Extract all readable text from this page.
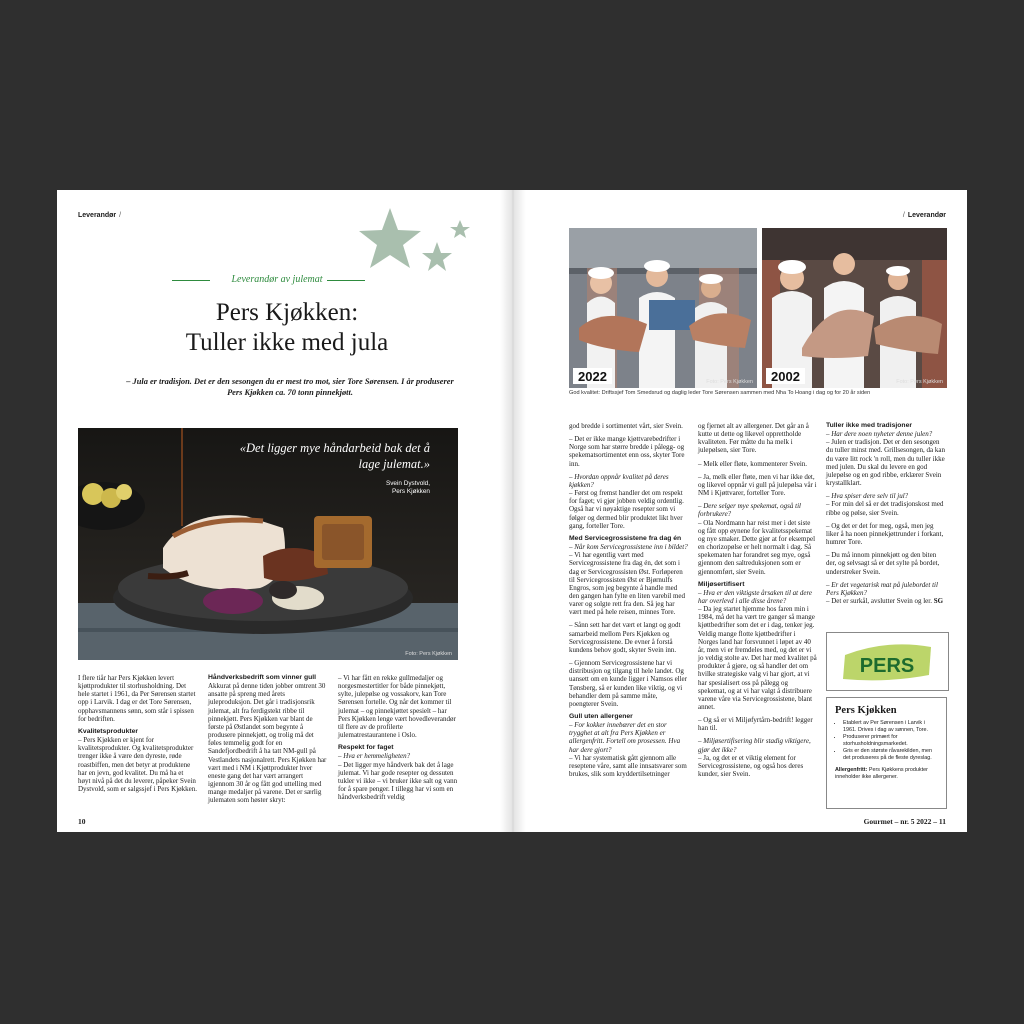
Leverandør /
Leverandør av julemat
Pers Kjøkken:
Tuller ikke med jula
– Jula er tradisjon. Det er den sesongen du er mest tro mot, sier Tore Sørensen. I år produserer Pers Kjøkken ca. 70 tonn pinnekjøtt.
«Det ligger mye håndarbeid bak det å lage julemat.»
Svein Dystvold,
Pers Kjøkken
Foto: Pers Kjøkken

I flere tiår har Pers Kjøkken levert kjøttprodukter til storhusholdning. Det hele startet i 1961, da Per Sørensen startet opp i Larvik. I dag er det Tore Sørensen, opphavsmannens sønn, som står i spissen for bedriften.

Kvalitetsprodukter

– Pers Kjøkken er kjent for kvalitetsprodukter. Og kvalitetsprodukter trenger ikke å være den dyreste, røde roastbiffen, men det betyr at produktene har en jevn, god kvalitet. Du må ha et høyt nivå på det du leverer, påpeker Svein Dystvold, som er salgssjef i Pers Kjøkken.

Håndverksbedrift som vinner gull

Akkurat på denne tiden jobber omtrent 30 ansatte på spreng med årets juleproduksjon. Det går i tradisjonsrik julemat, alt fra ferdigstekt ribbe til pinnekjøtt. Pers Kjøkken var blant de første på Østlandet som begynte å produsere pinnekjøtt, og trolig må det føles temmelig godt for en Sandefjordbedrift å ha tatt NM-gull på Vestlandets nasjonalrett. Pers Kjøkken har vært med i NM i Kjøttprodukter hver eneste gang det har vært arrangert igjennom 30 år og fått god uttelling med mange medaljer på varene. Det er særlig julematen som høster skryt:

– Vi har fått en rekke gullmedaljer og norgesmestertitler for både pinnekjøtt, sylte, julepølse og vossakorv, kan Tore Sørensen fortelle. Og når det kommer til julemat – og pinnekjøttet spesielt – har Pers Kjøkken lenge vært hovedleverandør til flere av de profilerte julematrestaurantene i Oslo.

Respekt for faget
– Hva er hemmeligheten?

– Det ligger mye håndverk bak det å lage julemat. Vi har gode resepter og dessuten tukler vi ikke – vi bruker ikke salt og vann for å spare penger. I tillegg har vi som en håndverksbedrift veldig

10
/ Leverandør
2022	Foto: Pers Kjøkken	2002	Foto: Pers Kjøkken
God kvalitet: Driftssjef Tom Smedsrud og daglig leder Tore Sørensen sammen med Nha To Hoang i dag og for 20 år siden

god bredde i sortimentet vårt, sier Svein.

– Det er ikke mange kjøttvarebedrifter i Norge som har større bredde i pålegg- og spekematsortimentet enn oss, skyter Tore inn.

– Hvordan oppnår kvalitet på deres kjøkken?

– Først og fremst handler det om respekt for faget; vi gjør jobben veldig ordentlig. Også har vi nøyaktige resepter som vi følger og dermed blir produktet likt hver gang, forteller Tore.

Med Servicegrossistene fra dag én
– Når kom Servicegrossistene inn i bildet?

– Vi har egentlig vært med Servicegrossistene fra dag én, det som i dag er Servicegrossisten Øst. Forløperen til Servicegrossisten Øst er Bjørnulfs Engros, som jeg begynte å handle med den gangen han fylte en liten varebil med varer og solgte rett fra den. Så jeg har vært med på hele reisen, minnes Tore.

– Sånn sett har det vært et langt og godt samarbeid mellom Pers Kjøkken og Servicegrossistene. De evner å forstå kundens behov godt, skyter Svein inn.

– Gjennom Servicegrossistene har vi distribusjon og tilgang til hele landet. Og uansett om en kunde ligger i Namsos eller Tønsberg, så er kunden like viktig, og vi behandler dem på samme måte, poengterer Svein.

Gull uten allergener
– For kokker innebærer det en stor trygghet at alt fra Pers Kjøkken er allergenfritt. Fortell om prosessen. Hva har dere gjort?

– Vi har systematisk gått gjennom alle reseptene våre, samt alle innsatsvarer som brukes, slik som kryddertilsetninger

og fjernet alt av allergener. Det går an å kutte ut dette og likevel opprettholde kvaliteten. Før måtte du ha melk i julepølsen, sier Tore.

– Melk eller fløte, kommenterer Svein.

– Ja, melk eller fløte, men vi har ikke det, og likevel oppnår vi gull på julepølsa vår i NM i Kjøttvarer, forteller Tore.

– Dere selger mye spekemat, også til forbrukere?

– Ola Nordmann har reist mer i det siste og fått opp øynene for kvalitetsspekemat og nye smaker. Dette gjør at for eksempel en chorizopølse er helt normalt i dag. Så spekematen har forandret seg mye, også gjennom den saltreduksjonen som er gjennomført, sier Svein.

Miljøsertifisert
– Hva er den viktigste årsaken til at dere har overlevd i alle disse årene?

– Da jeg startet hjemme hos faren min i 1984, må det ha vært tre ganger så mange kjøttbedrifter som det er i dag, tenker jeg. Veldig mange flotte kjøttbedrifter i Norges land har forsvunnet i løpet av 40 år, men vi er fremdeles med, og det er vi jo veldig stolte av. Det har med kvalitet på produkter å gjøre, og så handler det om hvilke strategiske valg vi har gjort, at vi har spesialisert oss på pålegg og spekemat, og at vi har valgt å distribuere varene våre via Servicegrossistene, blant annet.

– Og så er vi Miljøfyrtårn-bedrift! legger han til.

– Miljøsertifisering blir stadig viktigere, gjør det ikke?

– Ja, og det er et viktig element for Servicegrossistene, og også hos deres kunder, sier Svein.

Tuller ikke med tradisjoner
– Har dere noen nyheter denne julen?

– Julen er tradisjon. Det er den sesongen du tuller minst med. Grillsesongen, da kan du være litt rock 'n roll, men du tuller ikke med julen. Du skal du levere en god julepølse og en god ribbe, erklærer Svein krystallklart.

– Hva spiser dere selv til jul?

– For min del så er det tradisjonskost med ribbe og pølse, sier Svein.

– Og det er det for meg, også, men jeg liker å ha noen pinnekjøttrunder i forkant, humrer Tore.

– Du må innom pinnekjøtt og den biten der, og selvsagt så er det sylte på bordet, understreker Svein.

– Er det vegetarisk mat på julebordet til Pers Kjøkken?

– Det er surkål, avslutter Svein og ler. SG

PERS
Pers Kjøkken
• Etablert av Per Sørensen i Larvik i 1961. Drives i dag av sønnen, Tore.
• Produserer primært for storhusholdningsmarkedet.
• Gris er den største råvarekilden, men det produseres på de fleste dyreslag.

Allergenfritt: Pers Kjøkkens produkter inneholder ikke allergener.

Gourmet – nr. 5 2022 – 11
